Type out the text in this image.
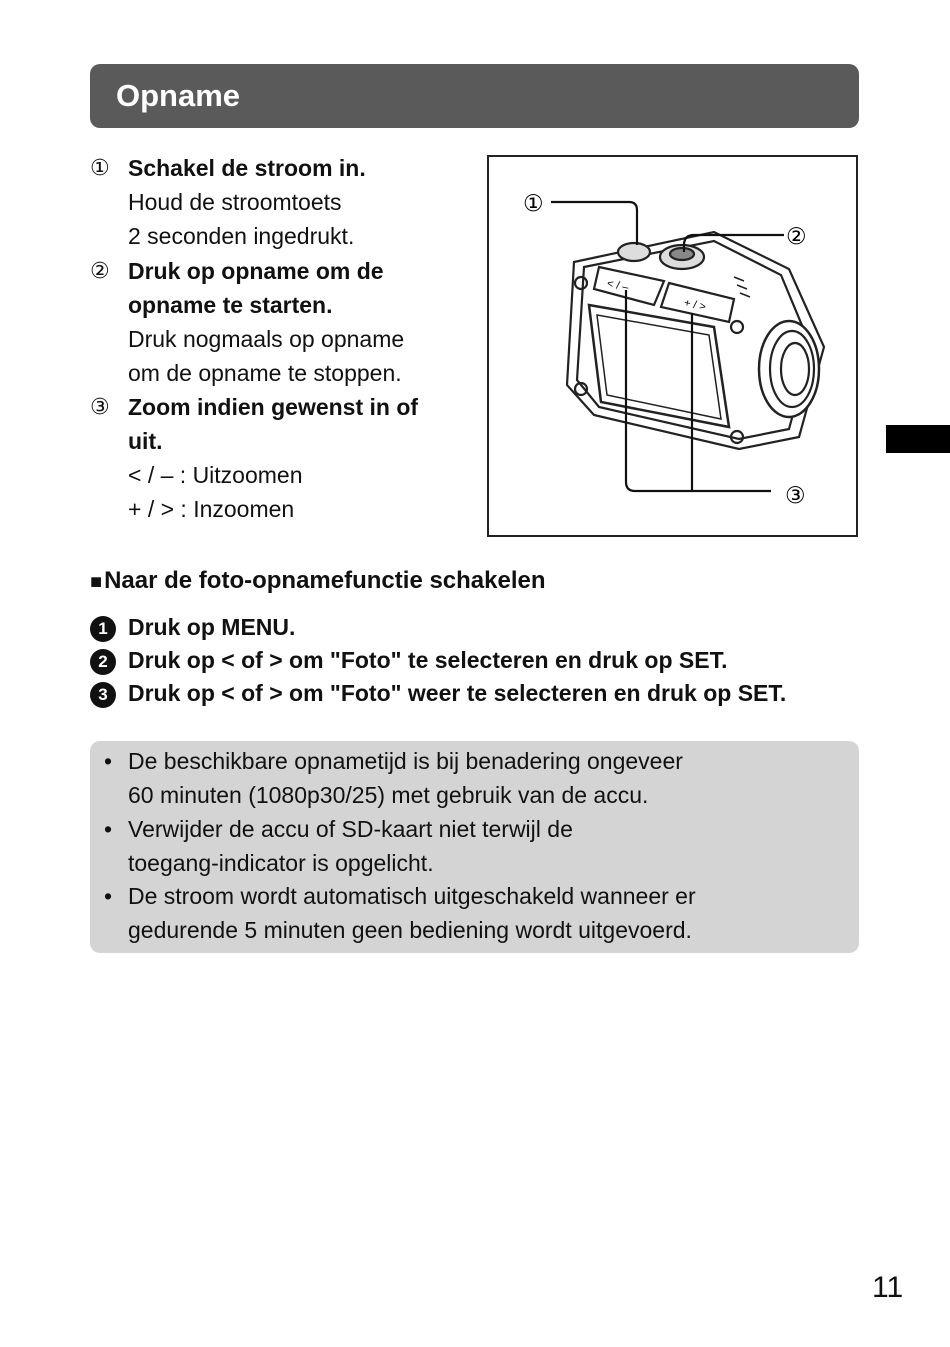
Opname
① Schakel de stroom in.
Houd de stroomtoets
2 seconden ingedrukt.
② Druk op opname om de
opname te starten.
Druk nogmaals op opname
om de opname te stoppen.
③ Zoom indien gewenst in of
uit.
< / – : Uitzoomen
+ / > : Inzoomen
< / –
+ / >
①
②
③
■Naar de foto-opnamefunctie schakelen
1 Druk op MENU.
2 Druk op < of > om "Foto" te selecteren en druk op SET.
3 Druk op < of > om "Foto" weer te selecteren en druk op SET.
• De beschikbare opnametijd is bij benadering ongeveer
60 minuten (1080p30/25) met gebruik van de accu.
• Verwijder de accu of SD-kaart niet terwijl de
toegang-indicator is opgelicht.
• De stroom wordt automatisch uitgeschakeld wanneer er
gedurende 5 minuten geen bediening wordt uitgevoerd.
11
